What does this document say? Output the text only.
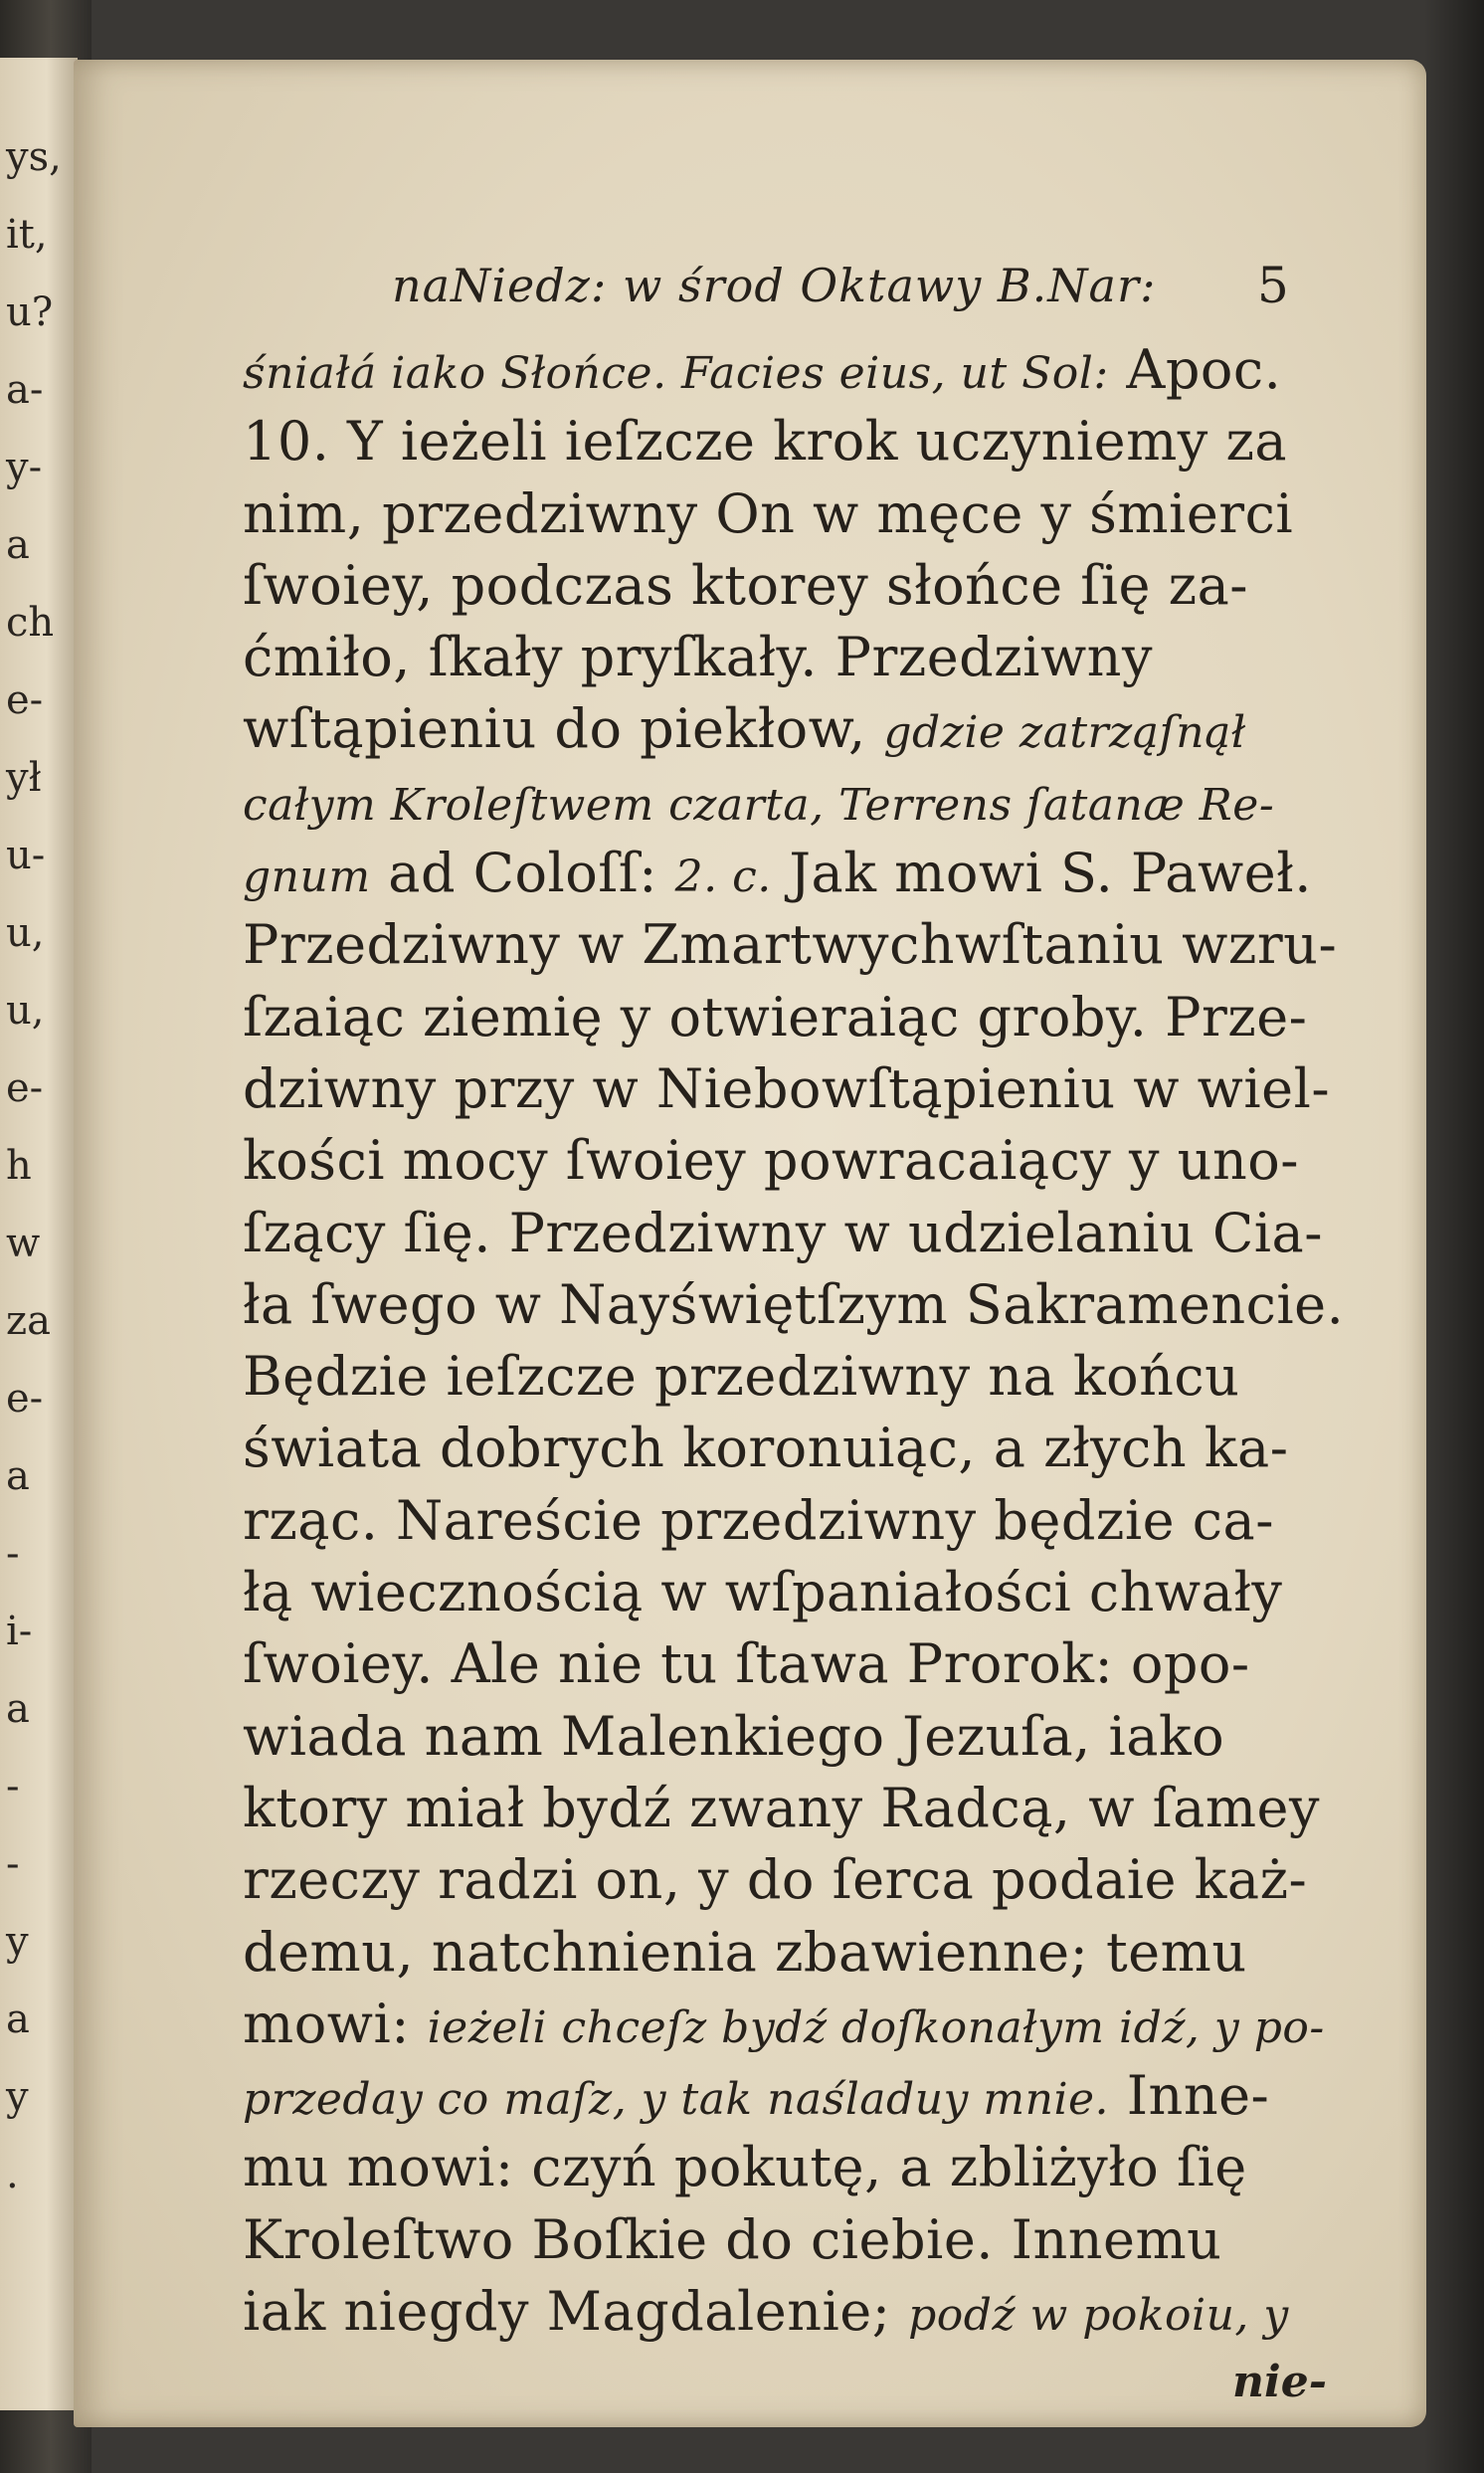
ys,
it,
u?
a-
y-
a
ch
e-
ył
u-
u,
u,
e-
h
w
za
e-
a
-
i-
a
-
-
y
a
y
.
naNiedz: w środ Oktawy B.Nar: 5
śniałá iako Słońce. Facies eius, ut Sol: Apoc.
10. Y ieżeli ieſzcze krok uczyniemy za
nim, przedziwny On w męce y śmierci
ſwoiey, podczas ktorey słońce ſię za-
ćmiło, ſkały pryſkały. Przedziwny
wſtąpieniu do piekłow, gdzie zatrząſnął
całym Kroleſtwem czarta, Terrens ſatanæ Re-
gnum ad Coloſſ: 2. c. Jak mowi S. Paweł.
Przedziwny w Zmartwychwſtaniu wzru-
ſzaiąc ziemię y otwieraiąc groby. Prze-
dziwny przy w Niebowſtąpieniu w wiel-
kości mocy ſwoiey powracaiący y uno-
ſzący ſię. Przedziwny w udzielaniu Cia-
ła ſwego w Nayświętſzym Sakramencie.
Będzie ieſzcze przedziwny na końcu
świata dobrych koronuiąc, a złych ka-
rząc. Nareście przedziwny będzie ca-
łą wiecznością w wſpaniałości chwały
ſwoiey. Ale nie tu ſtawa Prorok: opo-
wiada nam Malenkiego Jezuſa, iako
ktory miał bydź zwany Radcą, w ſamey
rzeczy radzi on, y do ſerca podaie każ-
demu, natchnienia zbawienne; temu
mowi: ieżeli chceſz bydź doſkonałym idź, y po-
przeday co maſz, y tak naśladuy mnie. Inne-
mu mowi: czyń pokutę, a zbliżyło ſię
Kroleſtwo Boſkie do ciebie. Innemu
iak niegdy Magdalenie; podź w pokoiu, y
nie-
